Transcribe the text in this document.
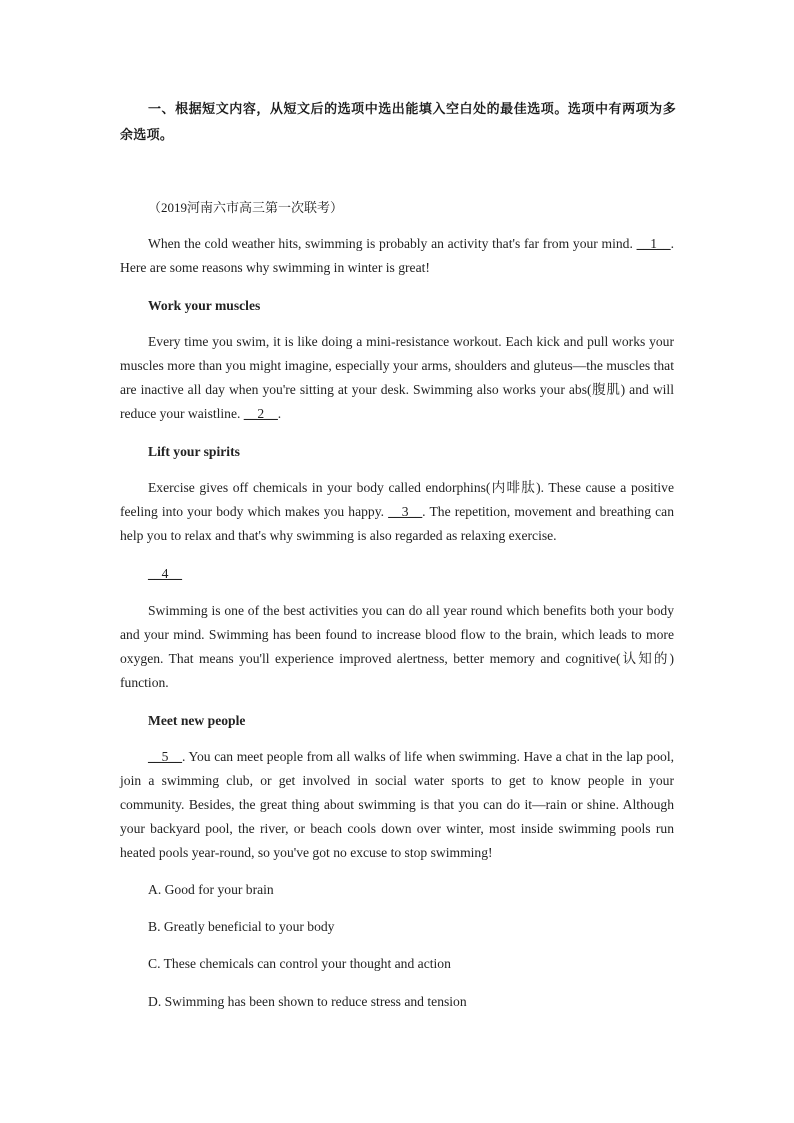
一、根据短文内容，从短文后的选项中选出能填入空白处的最佳选项。选项中有两项为多余选项。
（2019河南六市高三第一次联考）

When the cold weather hits, swimming is probably an activity that's far from your mind. __1__. Here are some reasons why swimming in winter is great!

Work your muscles

Every time you swim, it is like doing a mini-resistance workout. Each kick and pull works your muscles more than you might imagine, especially your arms, shoulders and gluteus—the muscles that are inactive all day when you're sitting at your desk. Swimming also works your abs(腹肌) and will reduce your waistline. __2__.

Lift your spirits

Exercise gives off chemicals in your body called endorphins(内啡肽). These cause a positive feeling into your body which makes you happy. __3__. The repetition, movement and breathing can help you to relax and that's why swimming is also regarded as relaxing exercise.

__4__

Swimming is one of the best activities you can do all year round which benefits both your body and your mind. Swimming has been found to increase blood flow to the brain, which leads to more oxygen. That means you'll experience improved alertness, better memory and cognitive(认知的) function.

Meet new people

__5__. You can meet people from all walks of life when swimming. Have a chat in the lap pool, join a swimming club, or get involved in social water sports to get to know people in your community. Besides, the great thing about swimming is that you can do it—rain or shine. Although your backyard pool, the river, or beach cools down over winter, most inside swimming pools run heated pools year-round, so you've got no excuse to stop swimming!

A. Good for your brain

B. Greatly beneficial to your body

C. These chemicals can control your thought and action

D. Swimming has been shown to reduce stress and tension
